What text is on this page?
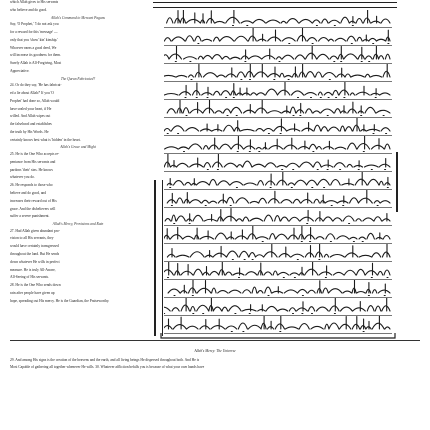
which Allah gives to His servants

who believe and do good.

Allah's Command to Mercant Pagans

Say, 'O Prophet,' 'I do not ask you

for a reward for this 'message' —

only that you 'show' kin' kinship.'

Whoever earns a good deed, We

will increase its goodness for them.

Surely Allah is All-Forgiving, Most

Appreciative.

The Quran Fabricated?

24. Or do they say, 'He has fabricat-

ed a lie about Allah?' If you 'O

Prophet' had done so, Allah would

have sealed your heart, if He

willed. And Allah wipes out

the falsehood and establishes

the truth by His Words. He

certainly knows best what is 'hidden' in the heart.

Allah's Grace and Might

25. He is the One Who accepts re-

pentance from His servants and

pardons 'their' sins. He knows

whatever you do.

26. He responds to those who

believe and do good, and

increases their reward out of His

grace. And the disbelievers will

suffer a severe punishment.

Allah's Mercy, Provisions and Rain

27. Had Allah given abundant pro-

vision to all His servants, they

would have certainly transgressed

throughout the land. But He sends

down whatever He wills in perfect

measure. He is truly All-Aware,

All-Seeing of His servants.

28. He is the One Who sends down

rain after people have given up

hope, spreading out His mercy. He is the Guardian, the Praiseworthy.

Allah's Mercy: The Universe

29. And among His signs is the creation of the heavens and the earth, and all living beings He dispersed throughout both. And He is

Most Capable of gathering all together whenever He wills. 30. Whatever affliction befalls you is because of what your own hands have
